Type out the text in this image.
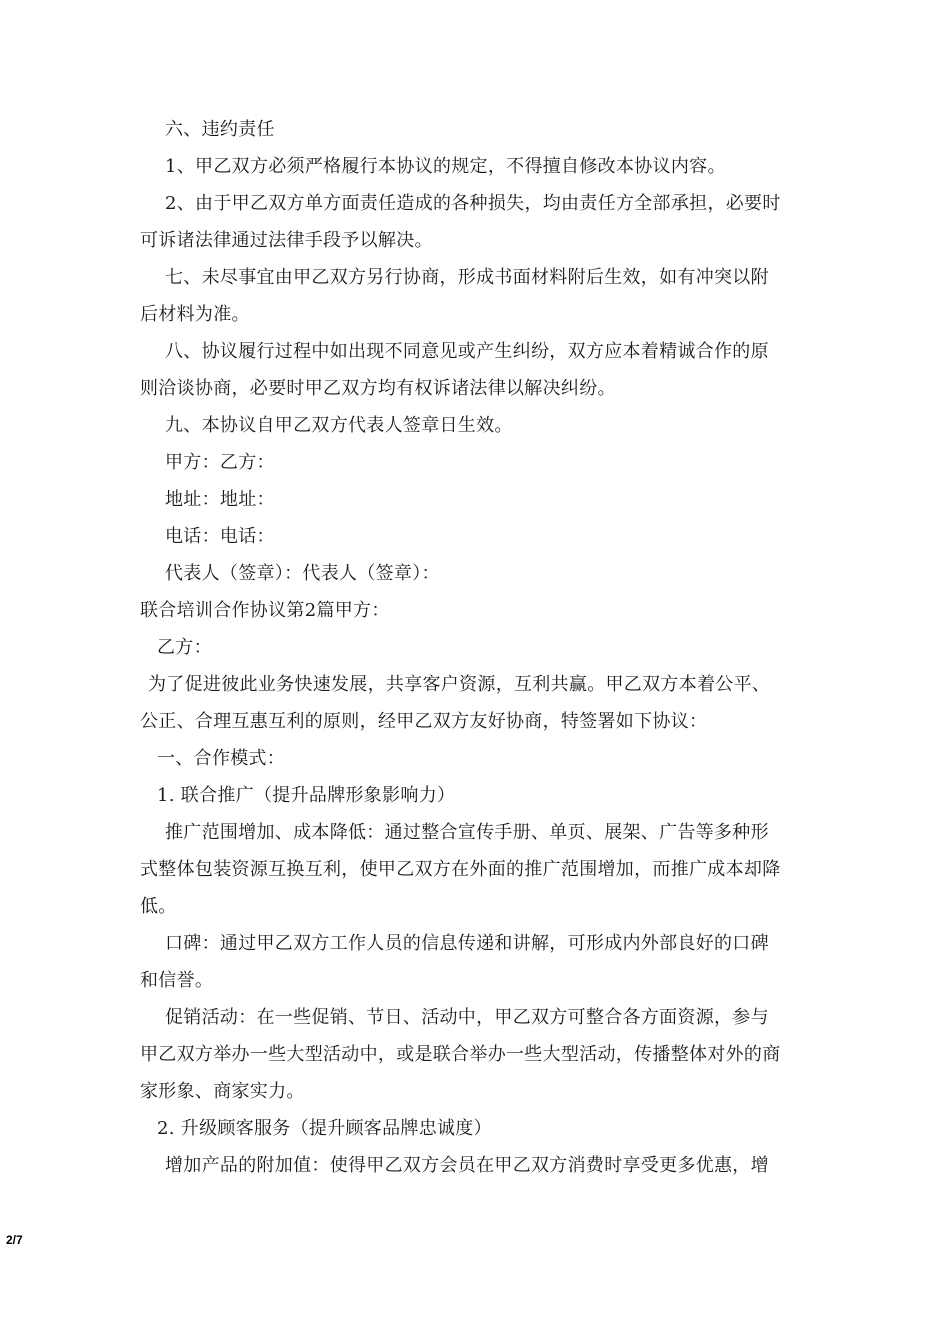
六、违约责任

1、甲乙双方必须严格履行本协议的规定，不得擅自修改本协议内容。

2、由于甲乙双方单方面责任造成的各种损失，均由责任方全部承担，必要时

可诉诸法律通过法律手段予以解决。

七、未尽事宜由甲乙双方另行协商，形成书面材料附后生效，如有冲突以附

后材料为准。

八、协议履行过程中如出现不同意见或产生纠纷，双方应本着精诚合作的原

则洽谈协商，必要时甲乙双方均有权诉诸法律以解决纠纷。

九、本协议自甲乙双方代表人签章日生效。

甲方：乙方：

地址：地址：

电话：电话：

代表人（签章）：代表人（签章）：

联合培训合作协议第2篇甲方：

乙方：

为了促进彼此业务快速发展，共享客户资源，互利共赢。甲乙双方本着公平、

公正、合理互惠互利的原则，经甲乙双方友好协商，特签署如下协议：

一、合作模式：

1. 联合推广（提升品牌形象影响力）

推广范围增加、成本降低：通过整合宣传手册、单页、展架、广告等多种形

式整体包装资源互换互利，使甲乙双方在外面的推广范围增加，而推广成本却降

低。

口碑：通过甲乙双方工作人员的信息传递和讲解，可形成内外部良好的口碑

和信誉。

促销活动：在一些促销、节日、活动中，甲乙双方可整合各方面资源，参与

甲乙双方举办一些大型活动中，或是联合举办一些大型活动，传播整体对外的商

家形象、商家实力。

2. 升级顾客服务（提升顾客品牌忠诚度）

增加产品的附加值：使得甲乙双方会员在甲乙双方消费时享受更多优惠，增

2/7
